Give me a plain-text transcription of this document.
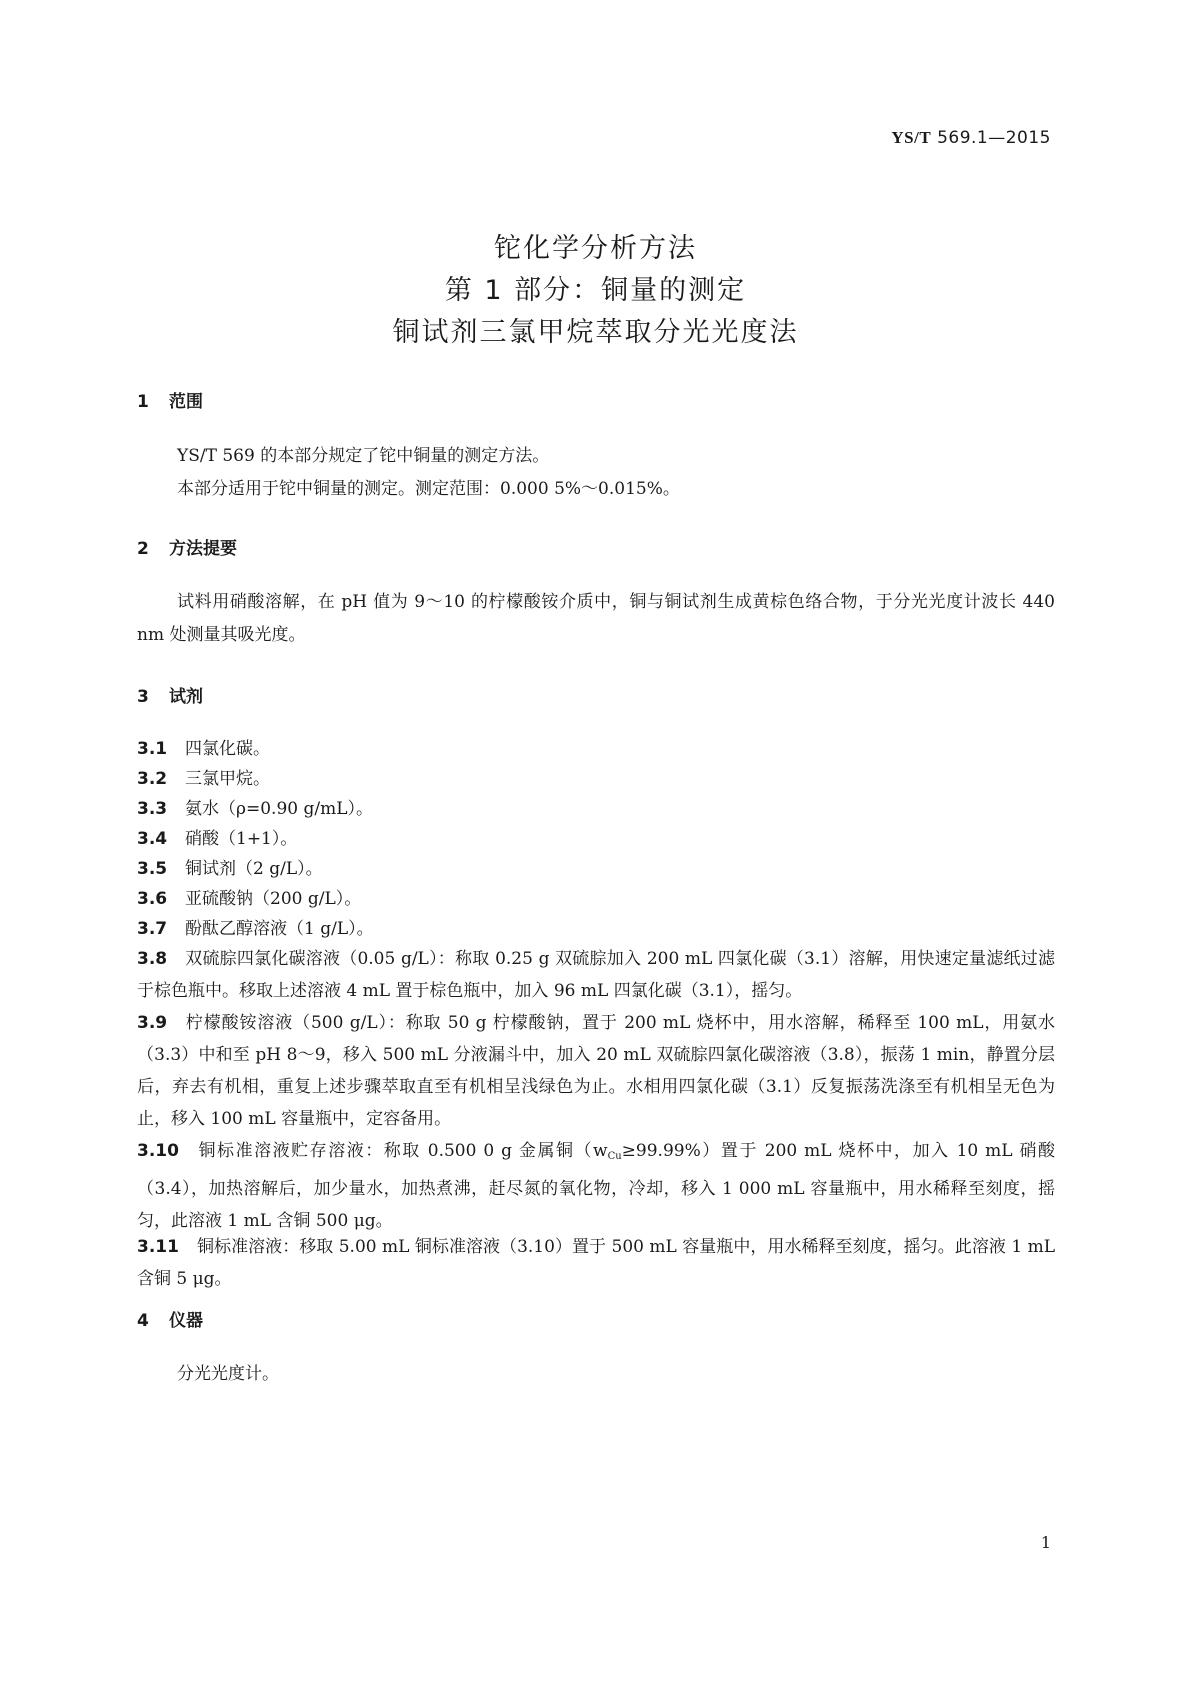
YS/T 569.1—2015
铊化学分析方法
第 1 部分：铜量的测定
铜试剂三氯甲烷萃取分光光度法
1 范围
YS/T 569 的本部分规定了铊中铜量的测定方法。
本部分适用于铊中铜量的测定。测定范围：0.000 5%～0.015%。
2 方法提要
试料用硝酸溶解，在 pH 值为 9～10 的柠檬酸铵介质中，铜与铜试剂生成黄棕色络合物，于分光光度计波长 440 nm 处测量其吸光度。
3 试剂
3.1 四氯化碳。
3.2 三氯甲烷。
3.3 氨水（ρ=0.90 g/mL）。
3.4 硝酸（1+1）。
3.5 铜试剂（2 g/L）。
3.6 亚硫酸钠（200 g/L）。
3.7 酚酞乙醇溶液（1 g/L）。
3.8 双硫腙四氯化碳溶液（0.05 g/L）：称取 0.25 g 双硫腙加入 200 mL 四氯化碳（3.1）溶解，用快速定量滤纸过滤于棕色瓶中。移取上述溶液 4 mL 置于棕色瓶中，加入 96 mL 四氯化碳（3.1），摇匀。
3.9 柠檬酸铵溶液（500 g/L）：称取 50 g 柠檬酸钠，置于 200 mL 烧杯中，用水溶解，稀释至 100 mL，用氨水（3.3）中和至 pH 8～9，移入 500 mL 分液漏斗中，加入 20 mL 双硫腙四氯化碳溶液（3.8），振荡 1 min，静置分层后，弃去有机相，重复上述步骤萃取直至有机相呈浅绿色为止。水相用四氯化碳（3.1）反复振荡洗涤至有机相呈无色为止，移入 100 mL 容量瓶中，定容备用。
3.10 铜标准溶液贮存溶液：称取 0.500 0 g 金属铜$(w_{Cu}\ge 99.99\%)$置于 200 mL 烧杯中，加入 10 mL 硝酸（3.4），加热溶解后，加少量水，加热煮沸，赶尽氮的氧化物，冷却，移入 1 000 mL 容量瓶中，用水稀释至刻度，摇匀，此溶液 1 mL 含铜 500 μg。
3.11 铜标准溶液：移取 5.00 mL 铜标准溶液（3.10）置于 500 mL 容量瓶中，用水稀释至刻度，摇匀。此溶液 1 mL 含铜 5 μg。
4 仪器
分光光度计。
1
